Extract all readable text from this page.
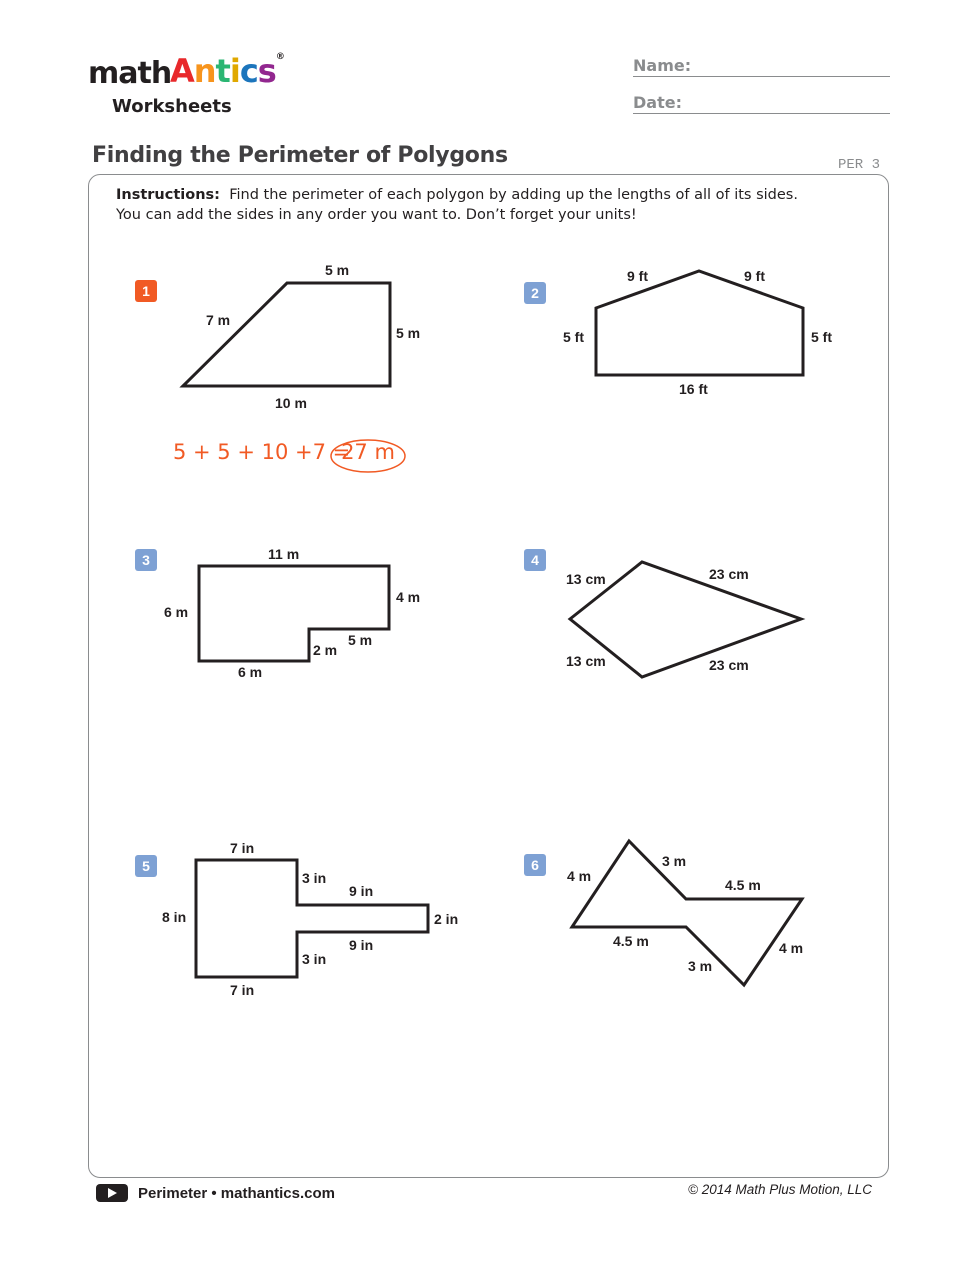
math
Antics®
Worksheets
Name:
Date:
Finding the Perimeter of Polygons	PER 3
Instructions: Find the perimeter of each polygon by adding up the lengths of all of its sides.
You can add the sides in any order you want to. Don’t forget your units!
1	2
3	4
5	6
5 m
7 m
5 m
10 m
5 + 5 + 10 +7 =
27 m
9 ft	9 ft
5 ft	5 ft
16 ft
11 m
6 m
4 m
5 m
2 m
6 m
13 cm	23 cm
13 cm	23 cm
7 in
3 in
9 in
8 in	2 in
9 in
3 in
7 in
3 m
4 m
4.5 m
4.5 m	4 m
3 m
Perimeter • mathantics.com	© 2014 Math Plus Motion, LLC
